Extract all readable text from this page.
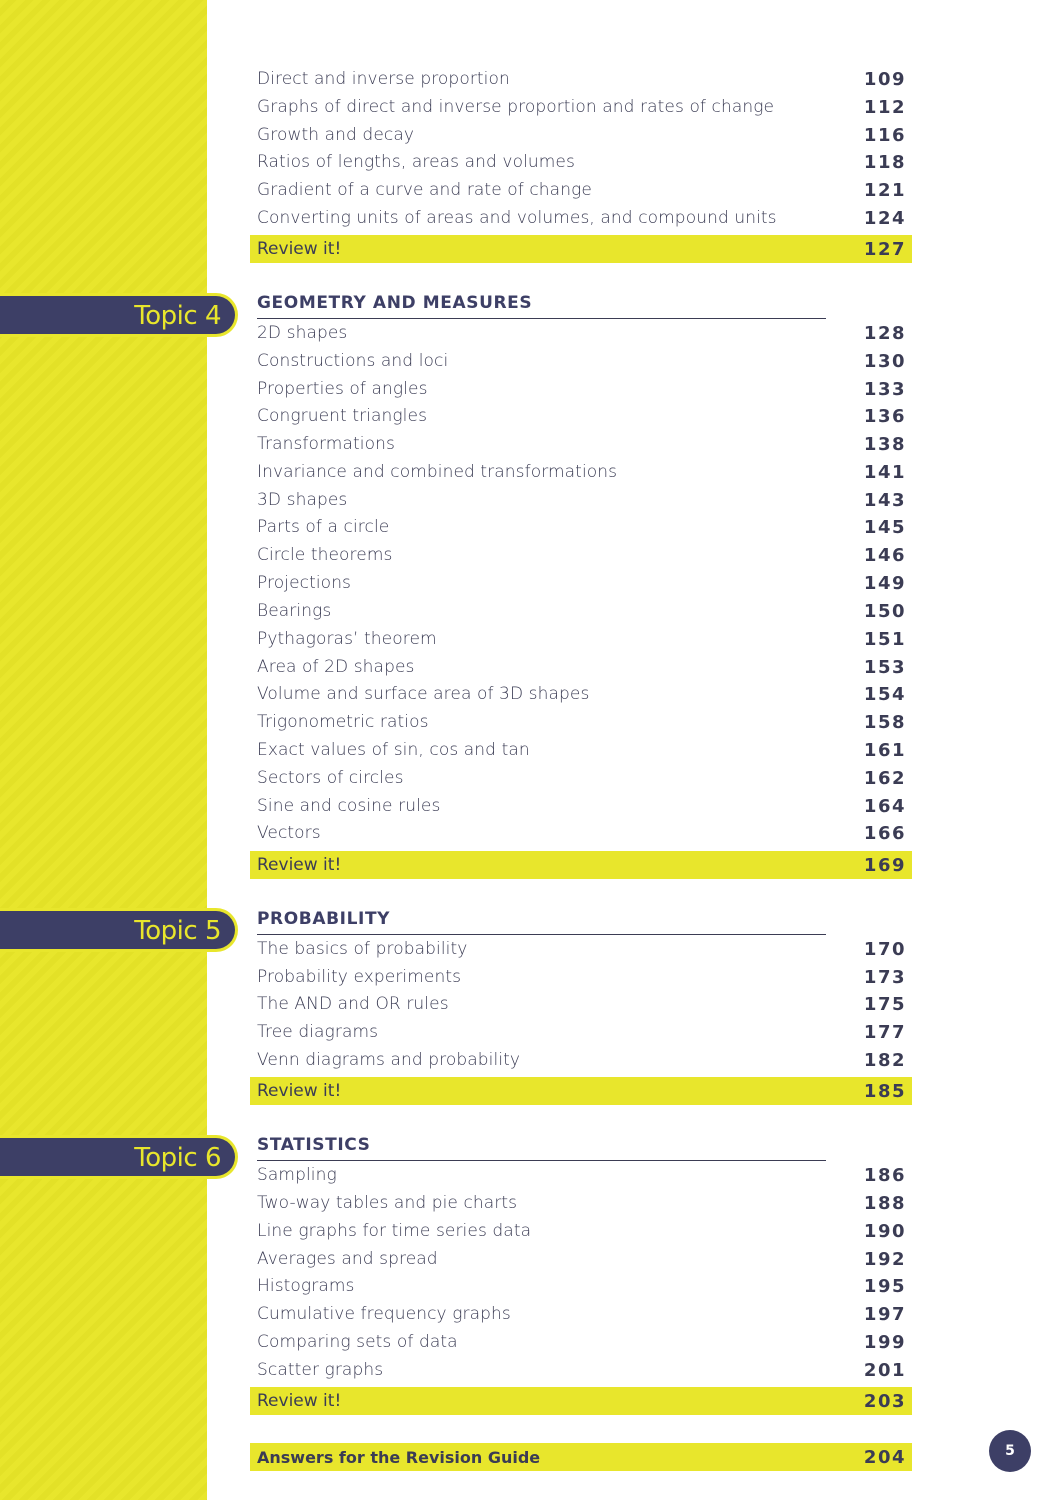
Direct and inverse proportion	109
Graphs of direct and inverse proportion and rates of change	112
Growth and decay	116
Ratios of lengths, areas and volumes	118
Gradient of a curve and rate of change	121
Converting units of areas and volumes, and compound units	124
Review it!	127
Topic 4 GEOMETRY AND MEASURES
2D shapes	128
Constructions and loci	130
Properties of angles	133
Congruent triangles	136
Transformations	138
Invariance and combined transformations	141
3D shapes	143
Parts of a circle	145
Circle theorems	146
Projections	149
Bearings	150
Pythagoras’ theorem	151
Area of 2D shapes	153
Volume and surface area of 3D shapes	154
Trigonometric ratios	158
Exact values of sin, cos and tan	161
Sectors of circles	162
Sine and cosine rules	164
Vectors	166
Review it!	169
Topic 5 PROBABILITY
The basics of probability	170
Probability experiments	173
The AND and OR rules	175
Tree diagrams	177
Venn diagrams and probability	182
Review it!	185
Topic 6 STATISTICS
Sampling	186
Two-way tables and pie charts	188
Line graphs for time series data	190
Averages and spread	192
Histograms	195
Cumulative frequency graphs	197
Comparing sets of data	199
Scatter graphs	201
Review it!	203
Answers for the Revision Guide	204	5
